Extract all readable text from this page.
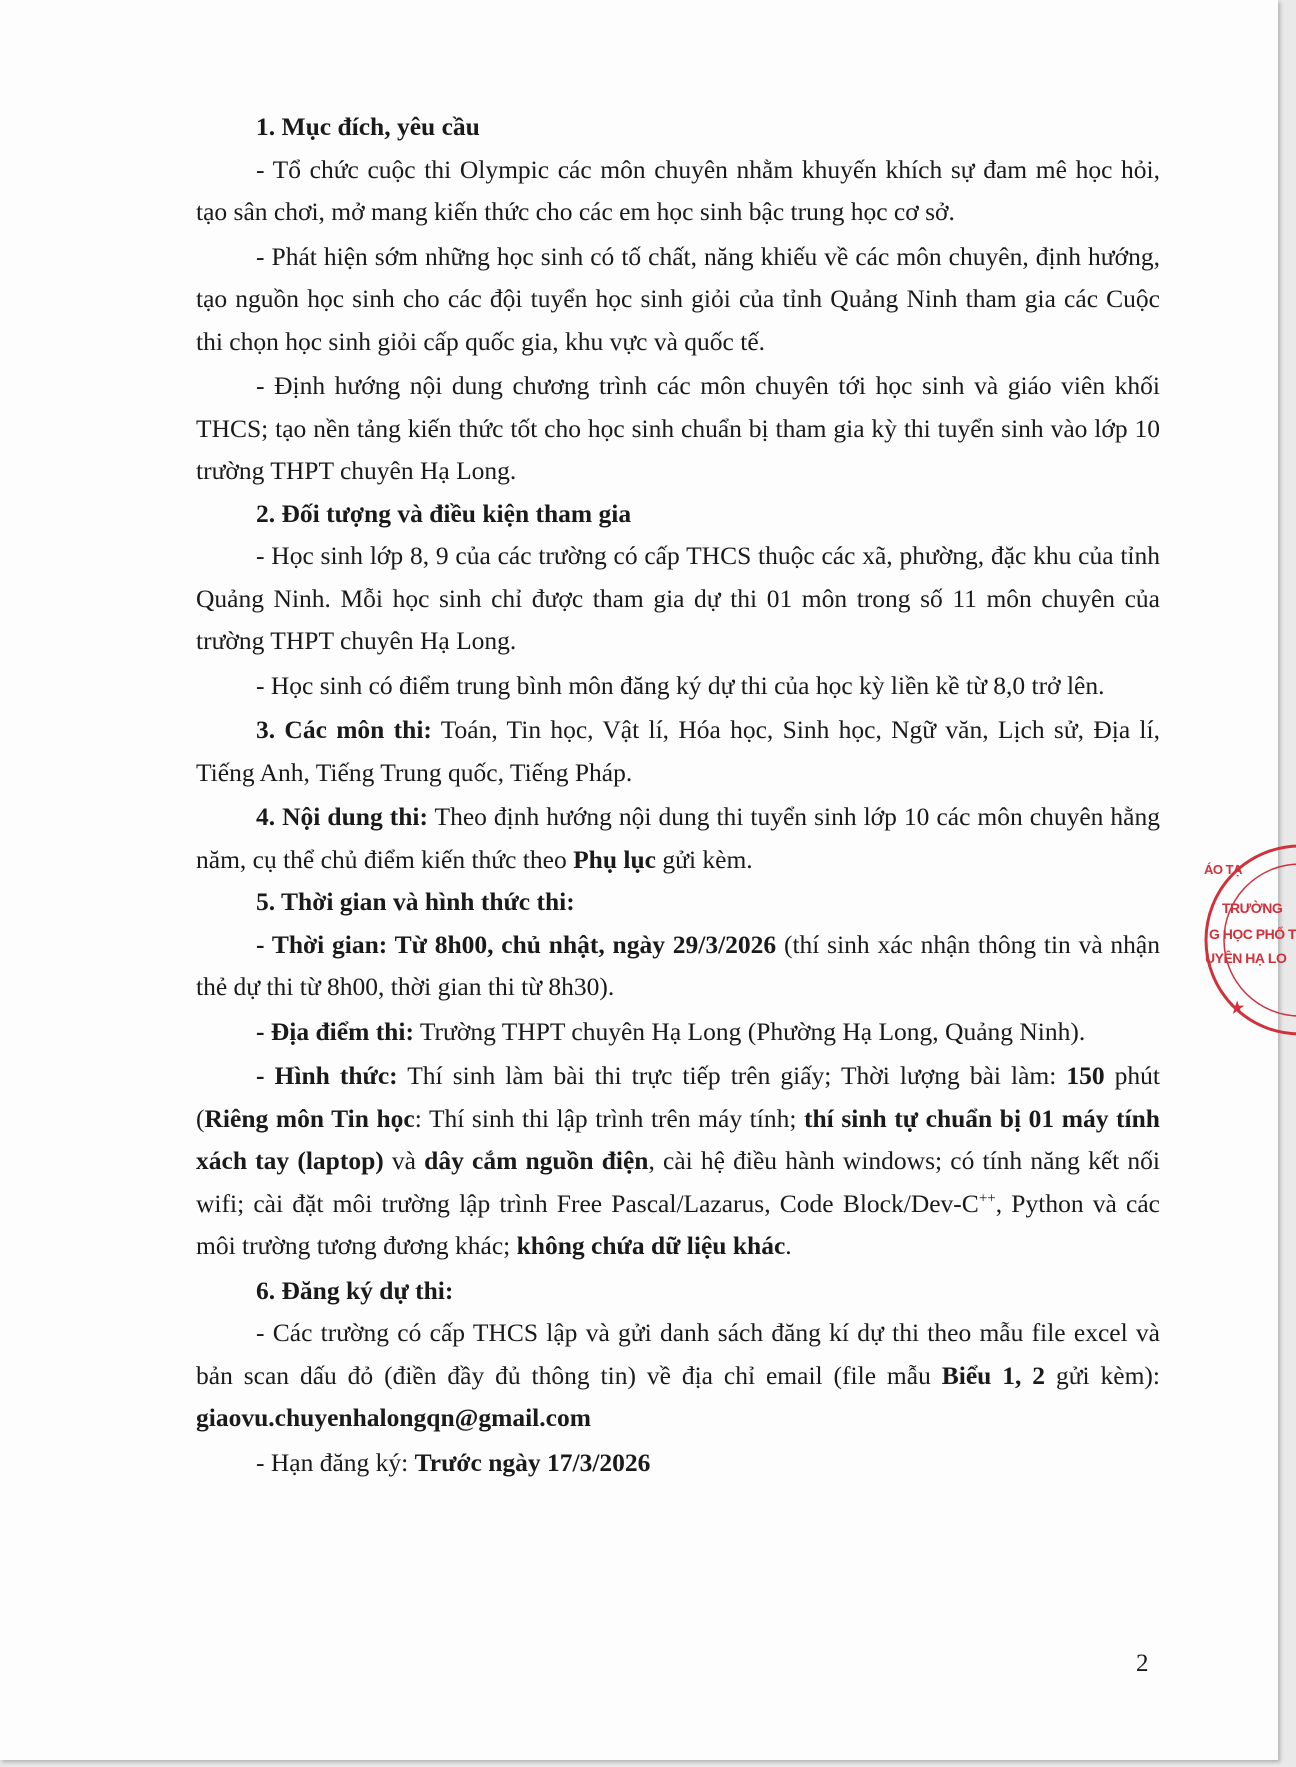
1. Mục đích, yêu cầu

- Tổ chức cuộc thi Olympic các môn chuyên nhằm khuyến khích sự đam mê học hỏi, tạo sân chơi, mở mang kiến thức cho các em học sinh bậc trung học cơ sở.

- Phát hiện sớm những học sinh có tố chất, năng khiếu về các môn chuyên, định hướng, tạo nguồn học sinh cho các đội tuyển học sinh giỏi của tỉnh Quảng Ninh tham gia các Cuộc thi chọn học sinh giỏi cấp quốc gia, khu vực và quốc tế.

- Định hướng nội dung chương trình các môn chuyên tới học sinh và giáo viên khối THCS; tạo nền tảng kiến thức tốt cho học sinh chuẩn bị tham gia kỳ thi tuyển sinh vào lớp 10 trường THPT chuyên Hạ Long.

2. Đối tượng và điều kiện tham gia

- Học sinh lớp 8, 9 của các trường có cấp THCS thuộc các xã, phường, đặc khu của tỉnh Quảng Ninh. Mỗi học sinh chỉ được tham gia dự thi 01 môn trong số 11 môn chuyên của trường THPT chuyên Hạ Long.

- Học sinh có điểm trung bình môn đăng ký dự thi của học kỳ liền kề từ 8,0 trở lên.

3. Các môn thi: Toán, Tin học, Vật lí, Hóa học, Sinh học, Ngữ văn, Lịch sử, Địa lí, Tiếng Anh, Tiếng Trung quốc, Tiếng Pháp.

4. Nội dung thi: Theo định hướng nội dung thi tuyển sinh lớp 10 các môn chuyên hằng năm, cụ thể chủ điểm kiến thức theo Phụ lục gửi kèm.

5. Thời gian và hình thức thi:

- Thời gian: Từ 8h00, chủ nhật, ngày 29/3/2026 (thí sinh xác nhận thông tin và nhận thẻ dự thi từ 8h00, thời gian thi từ 8h30).

- Địa điểm thi: Trường THPT chuyên Hạ Long (Phường Hạ Long, Quảng Ninh).

- Hình thức: Thí sinh làm bài thi trực tiếp trên giấy; Thời lượng bài làm: 150 phút (Riêng môn Tin học: Thí sinh thi lập trình trên máy tính; thí sinh tự chuẩn bị 01 máy tính xách tay (laptop) và dây cắm nguồn điện, cài hệ điều hành windows; có tính năng kết nối wifi; cài đặt môi trường lập trình Free Pascal/Lazarus, Code Block/Dev-C++, Python và các môi trường tương đương khác; không chứa dữ liệu khác.

6. Đăng ký dự thi:

- Các trường có cấp THCS lập và gửi danh sách đăng kí dự thi theo mẫu file excel và bản scan dấu đỏ (điền đầy đủ thông tin) về địa chỉ email (file mẫu Biểu 1, 2 gửi kèm): giaovu.chuyenhalongqn@gmail.com

- Hạn đăng ký: Trước ngày 17/3/2026

2
ÁO TẠ
TRƯỜNG
G HỌC PHỔ T
UYÊN HẠ LO
★
